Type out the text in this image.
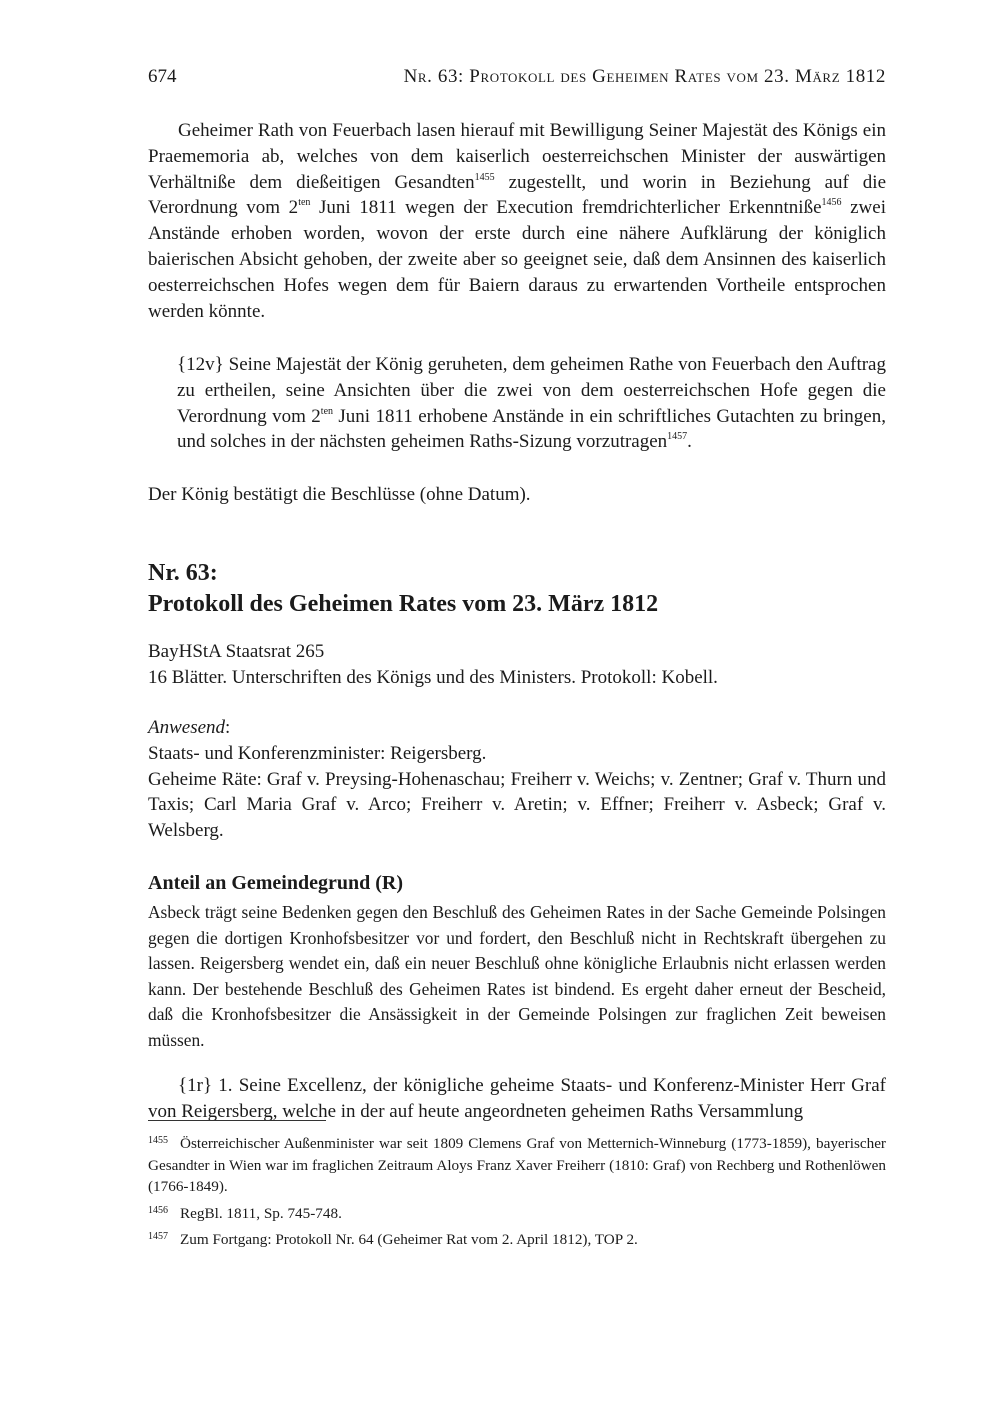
674	Nr. 63: Protokoll des Geheimen Rates vom 23. März 1812

Geheimer Rath von Feuerbach lasen hierauf mit Bewilligung Seiner Majestät des Königs ein Praememoria ab, welches von dem kaiserlich oesterreichschen Minister der auswärtigen Verhältniße dem dießeitigen Gesandten$^{1455}$ zugestellt, und worin in Beziehung auf die Verordnung vom $2^{ten}$ Juni 1811 wegen der Execution fremdrichterlicher Erkenntniße$^{1456}$ zwei Anstände erhoben worden, wovon der erste durch eine nähere Aufklärung der königlich baierischen Absicht gehoben, der zweite aber so geeignet seie, daß dem Ansinnen des kaiserlich oesterreichschen Hofes wegen dem für Baiern daraus zu erwartenden Vortheile entsprochen werden könnte.

{12v} Seine Majestät der König geruheten, dem geheimen Rathe von Feuerbach den Auftrag zu ertheilen, seine Ansichten über die zwei von dem oesterreichschen Hofe gegen die Verordnung vom $2^{ten}$ Juni 1811 erhobene Anstände in ein schriftliches Gutachten zu bringen, und solches in der nächsten geheimen Raths-Sizung vorzutragen$^{1457}$.

Der König bestätigt die Beschlüsse (ohne Datum).
Nr. 63:
Protokoll des Geheimen Rates vom 23. März 1812
BayHStA Staatsrat 265
16 Blätter. Unterschriften des Königs und des Ministers. Protokoll: Kobell.
Anwesend:
Staats- und Konferenzminister: Reigersberg.
Geheime Räte: Graf v. Preysing-Hohenaschau; Freiherr v. Weichs; v. Zentner; Graf v. Thurn und Taxis; Carl Maria Graf v. Arco; Freiherr v. Aretin; v. Effner; Freiherr v. Asbeck; Graf v. Welsberg.
Anteil an Gemeindegrund (R)
Asbeck trägt seine Bedenken gegen den Beschluß des Geheimen Rates in der Sache Gemeinde Polsingen gegen die dortigen Kronhofsbesitzer vor und fordert, den Beschluß nicht in Rechtskraft übergehen zu lassen. Reigersberg wendet ein, daß ein neuer Beschluß ohne königliche Erlaubnis nicht erlassen werden kann. Der bestehende Beschluß des Geheimen Rates ist bindend. Es ergeht daher erneut der Bescheid, daß die Kronhofsbesitzer die Ansässigkeit in der Gemeinde Polsingen zur fraglichen Zeit beweisen müssen.

{1r} 1. Seine Excellenz, der königliche geheime Staats- und Konferenz-Minister Herr Graf von Reigersberg, welche in der auf heute angeordneten geheimen Raths Versammlung

$^{1455}$ Österreichischer Außenminister war seit 1809 Clemens Graf von Metternich-Winneburg (1773-1859), bayerischer Gesandter in Wien war im fraglichen Zeitraum Aloys Franz Xaver Freiherr (1810: Graf) von Rechberg und Rothenlöwen (1766-1849).
$^{1456}$ RegBl. 1811, Sp. 745-748.
$^{1457}$ Zum Fortgang: Protokoll Nr. 64 (Geheimer Rat vom 2. April 1812), TOP 2.
